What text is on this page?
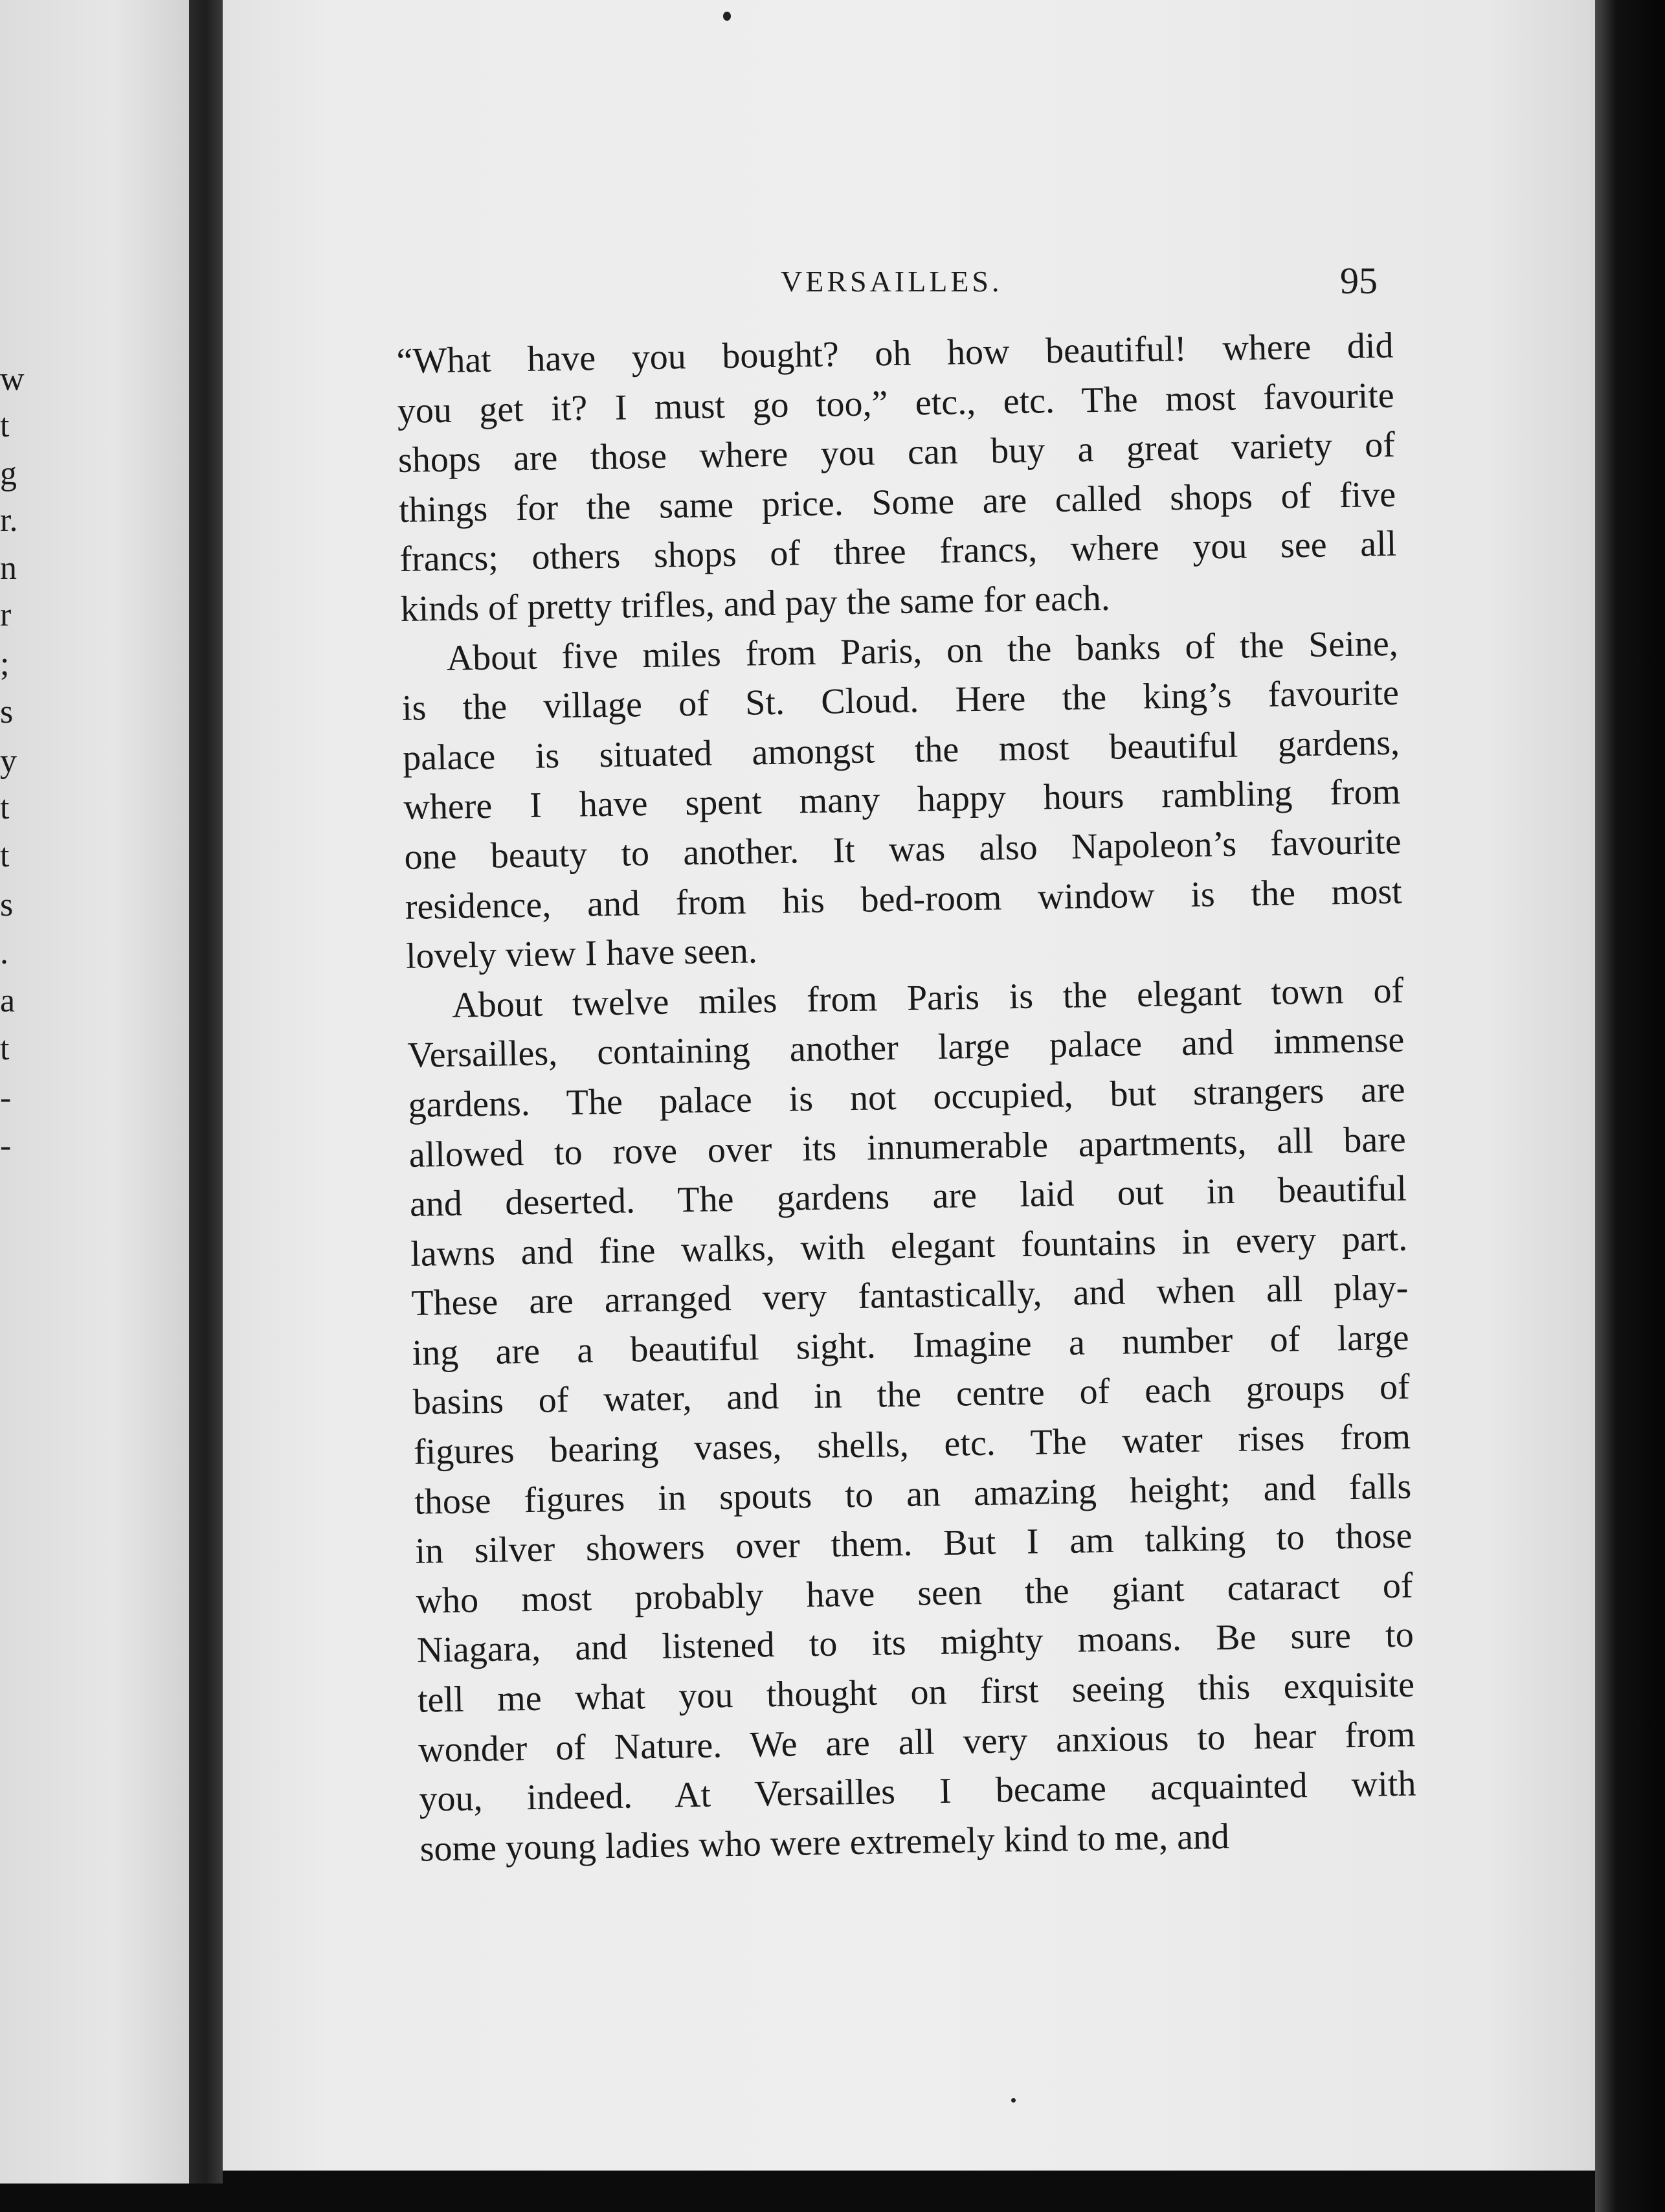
w
t
g
r.
n
r
;
s
y
t
t
s
.
a
t
-
-
VERSAILLES.	95
“What have you bought? oh how beautiful! where did
you get it? I must go too,” etc., etc. The most favourite
shops are those where you can buy a great variety of
things for the same price. Some are called shops of five
francs; others shops of three francs, where you see all
kinds of pretty trifles, and pay the same for each.
About five miles from Paris, on the banks of the Seine,
is the village of St. Cloud. Here the king’s favourite
palace is situated amongst the most beautiful gardens,
where I have spent many happy hours rambling from
one beauty to another. It was also Napoleon’s favourite
residence, and from his bed-room window is the most
lovely view I have seen.
About twelve miles from Paris is the elegant town of
Versailles, containing another large palace and immense
gardens. The palace is not occupied, but strangers are
allowed to rove over its innumerable apartments, all bare
and deserted. The gardens are laid out in beautiful
lawns and fine walks, with elegant fountains in every part.
These are arranged very fantastically, and when all play-
ing are a beautiful sight. Imagine a number of large
basins of water, and in the centre of each groups of
figures bearing vases, shells, etc. The water rises from
those figures in spouts to an amazing height; and falls
in silver showers over them. But I am talking to those
who most probably have seen the giant cataract of
Niagara, and listened to its mighty moans. Be sure to
tell me what you thought on first seeing this exquisite
wonder of Nature. We are all very anxious to hear from
you, indeed. At Versailles I became acquainted with
some young ladies who were extremely kind to me, and
